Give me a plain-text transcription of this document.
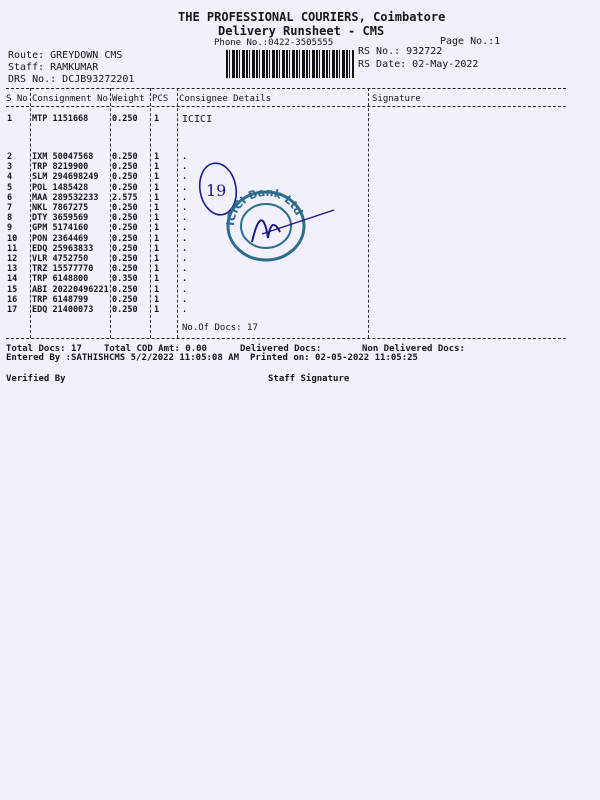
THE PROFESSIONAL COURIERS, Coimbatore
Delivery Runsheet - CMS
Phone No.:0422-3505555	Page No.:1
Route: GREYDOWN CMS
Staff: RAMKUMAR
DRS No.: DCJB93272201
RS No.: 932722
RS Date: 02-May-2022
S No Consignment No Weight PCS Consignee Details	Signature
1 MTP 1151668	0.250 1 ICICI
2 IXM 50047568 0.250 1	.
3 TRP 8219900	0.250 1	.
4 SLM 294698249 0.250 1	.
5 POL 1485428	0.250 1	.
6 MAA 289532233 2.575 1	.
7 NKL 7867275	0.250 1	.
8 DTY 3659569	0.250 1	.
9 GPM 5174160	0.250 1	.
10 PON 2364469	0.250 1	.
11 EDQ 25963833 0.250 1	.
12 VLR 4752750	0.250 1	.
13 TRZ 15577770 0.250 1	.
14 TRP 6148800	0.350 1	.
15 ABI 20220496221 0.250 1	.
16 TRP 6148799	0.250 1	.
17 EDQ 21400073 0.250 1	.
No.Of Docs: 17
19
ICICI Bank Ltd
Total Docs: 17 Total COD Amt: 0.00	Delivered Docs:	Non Delivered Docs:
Entered By :SATHISHCMS 5/2/2022 11:05:08 AM Printed on: 02-05-2022 11:05:25
Verified By	Staff Signature
